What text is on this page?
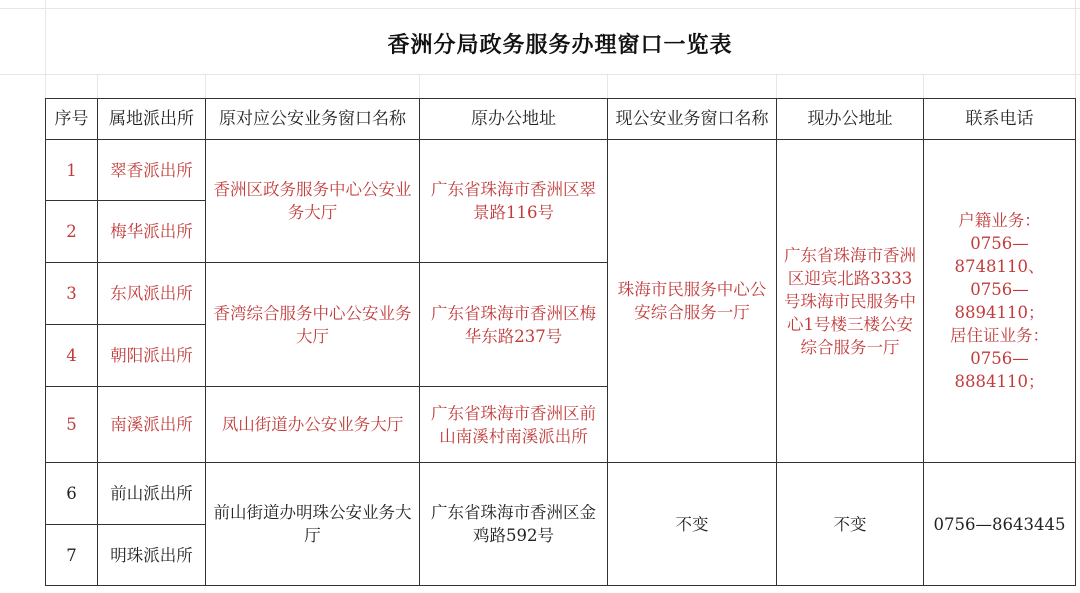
香洲分局政务服务办理窗口一览表
序号	属地派出所	原对应公安业务窗口名称	原办公地址	现公安业务窗口名称	现办公地址	联系电话
1	翠香派出所	香洲区政务服务中心公安业务大厅	广东省珠海市香洲区翠景路116号	珠海市民服务中心公安综合服务一厅	广东省珠海市香洲区迎宾北路3333号珠海市民服务中心1号楼三楼公安综合服务一厅	户籍业务：
0756—8748110、
0756—8894110；
居住证业务：
0756—8884110；

2	梅华派出所					
3	东风派出所	香湾综合服务中心公安业务大厅	广东省珠海市香洲区梅华东路237号			
4	朝阳派出所					
5	南溪派出所	凤山街道办公安业务大厅	广东省珠海市香洲区前山南溪村南溪派出所			
6	前山派出所	前山街道办明珠公安业务大厅	广东省珠海市香洲区金鸡路592号	不变	不变	0756—8643445
7	明珠派出所					
